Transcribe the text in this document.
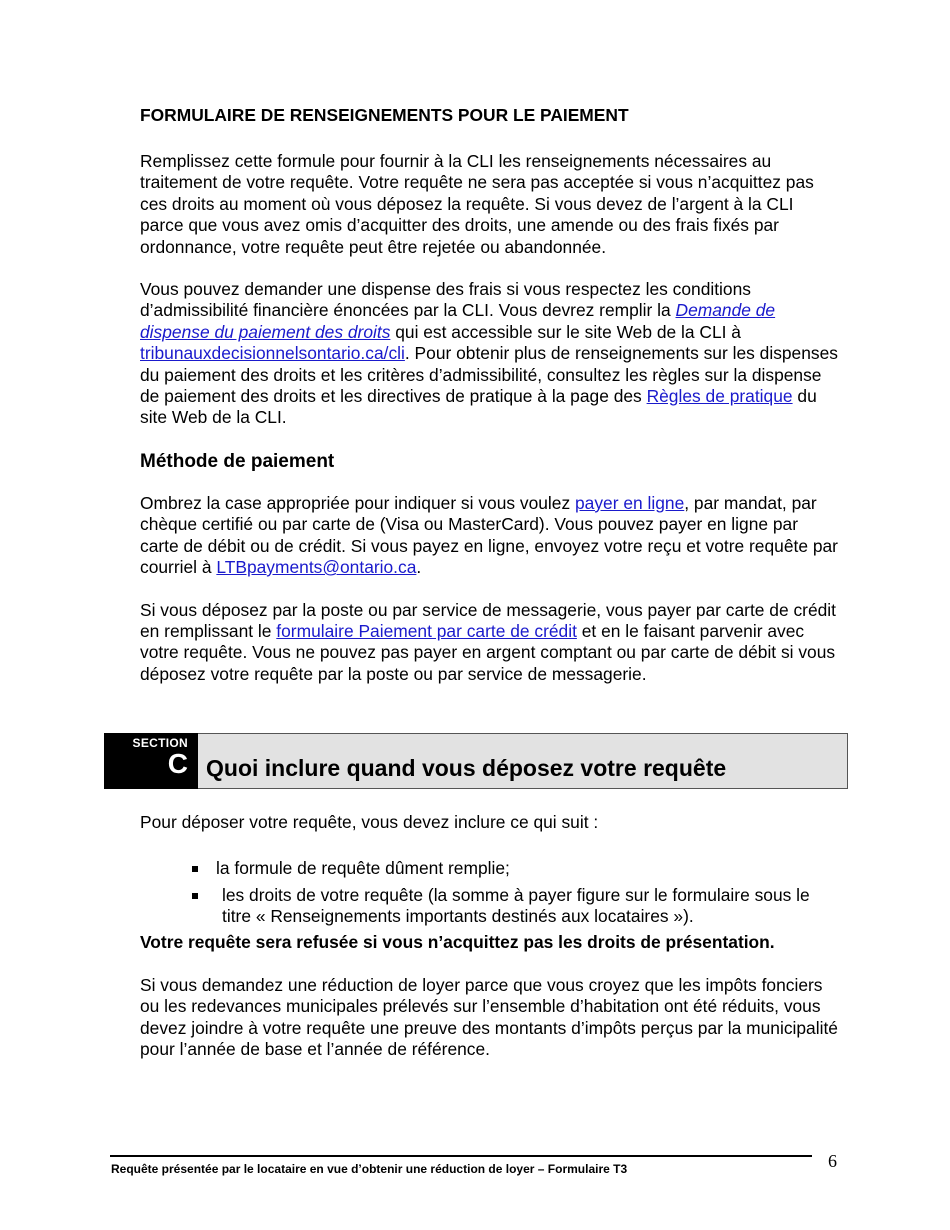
FORMULAIRE DE RENSEIGNEMENTS POUR LE PAIEMENT

Remplissez cette formule pour fournir à la CLI les renseignements nécessaires au traitement de votre requête. Votre requête ne sera pas acceptée si vous n’acquittez pas ces droits au moment où vous déposez la requête. Si vous devez de l’argent à la CLI parce que vous avez omis d’acquitter des droits, une amende ou des frais fixés par ordonnance, votre requête peut être rejetée ou abandonnée.

Vous pouvez demander une dispense des frais si vous respectez les conditions d’admissibilité financière énoncées par la CLI. Vous devrez remplir la Demande de dispense du paiement des droits qui est accessible sur le site Web de la CLI à tribunauxdecisionnelsontario.ca/cli. Pour obtenir plus de renseignements sur les dispenses du paiement des droits et les critères d’admissibilité, consultez les règles sur la dispense de paiement des droits et les directives de pratique à la page des Règles de pratique du site Web de la CLI.

Méthode de paiement

Ombrez la case appropriée pour indiquer si vous voulez payer en ligne, par mandat, par chèque certifié ou par carte de (Visa ou MasterCard). Vous pouvez payer en ligne par carte de débit ou de crédit. Si vous payez en ligne, envoyez votre reçu et votre requête par courriel à LTBpayments@ontario.ca.

Si vous déposez par la poste ou par service de messagerie, vous payer par carte de crédit en remplissant le formulaire Paiement par carte de crédit et en le faisant parvenir avec votre requête. Vous ne pouvez pas payer en argent comptant ou par carte de débit si vous déposez votre requête par la poste ou par service de messagerie.

SECTION
C Quoi inclure quand vous déposez votre requête

Pour déposer votre requête, vous devez inclure ce qui suit :

la formule de requête dûment remplie;
les droits de votre requête (la somme à payer figure sur le formulaire sous le titre « Renseignements importants destinés aux locataires »).

Votre requête sera refusée si vous n’acquittez pas les droits de présentation.

Si vous demandez une réduction de loyer parce que vous croyez que les impôts fonciers ou les redevances municipales prélevés sur l’ensemble d’habitation ont été réduits, vous devez joindre à votre requête une preuve des montants d’impôts perçus par la municipalité pour l’année de base et l’année de référence.

Requête présentée par le locataire en vue d’obtenir une réduction de loyer – Formulaire T3	6
